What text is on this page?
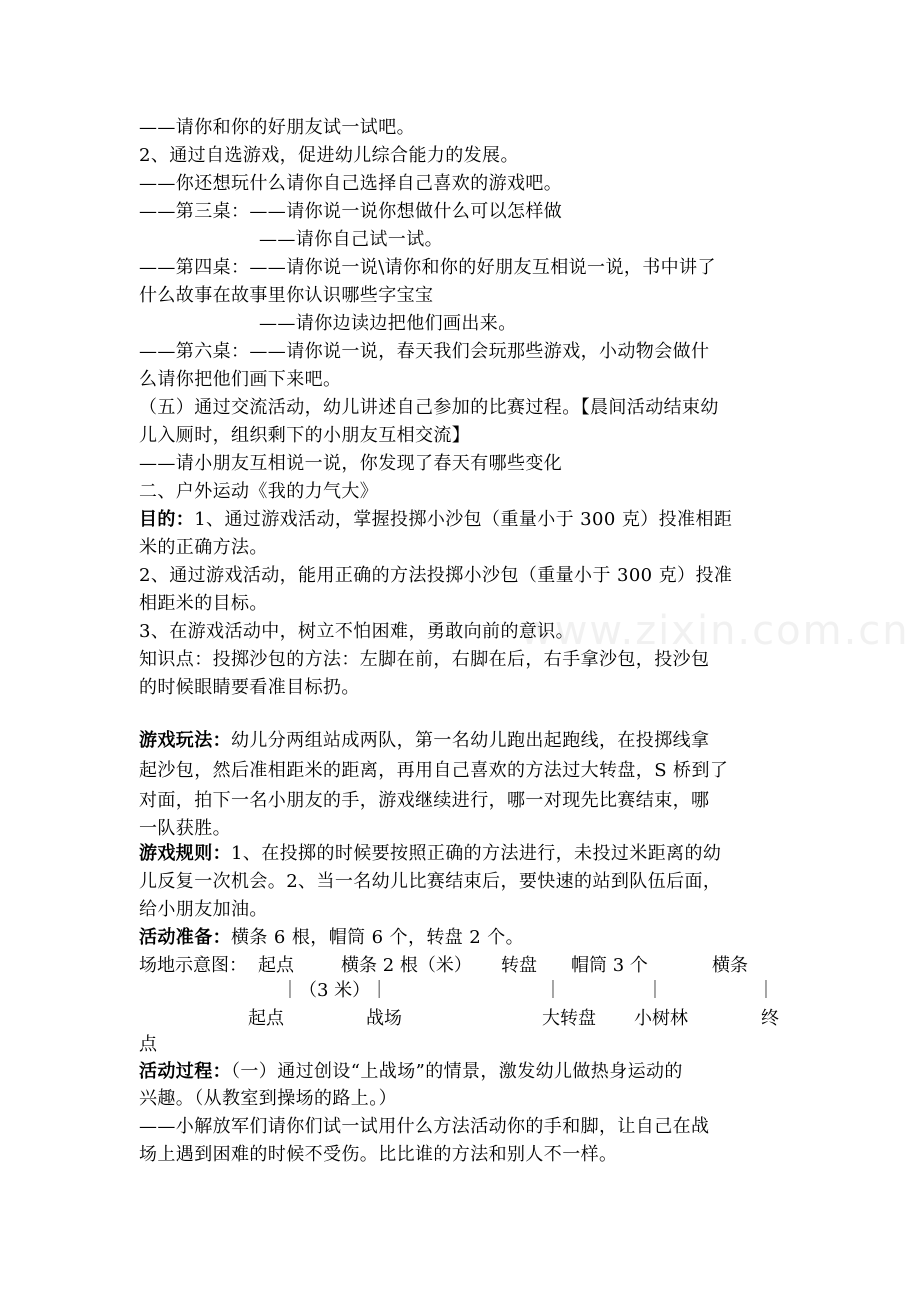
www.zixin.com.cn
——请你和你的好朋友试一试吧。
2、通过自选游戏，促进幼儿综合能力的发展。
——你还想玩什么请你自己选择自己喜欢的游戏吧。
——第三桌：——请你说一说你想做什么可以怎样做
——请你自己试一试。
——第四桌：——请你说一说\请你和你的好朋友互相说一说，书中讲了
什么故事在故事里你认识哪些字宝宝
——请你边读边把他们画出来。
——第六桌：——请你说一说，春天我们会玩那些游戏，小动物会做什
么请你把他们画下来吧。
（五）通过交流活动，幼儿讲述自己参加的比赛过程。【晨间活动结束幼
儿入厕时，组织剩下的小朋友互相交流】
——请小朋友互相说一说，你发现了春天有哪些变化
二、户外运动《我的力气大》
目的：1、通过游戏活动，掌握投掷小沙包（重量小于 300 克）投准相距
米的正确方法。
2、通过游戏活动，能用正确的方法投掷小沙包（重量小于 300 克）投准
相距米的目标。
3、在游戏活动中，树立不怕困难，勇敢向前的意识。
知识点：投掷沙包的方法：左脚在前，右脚在后，右手拿沙包，投沙包
的时候眼睛要看准目标扔。
游戏玩法：幼儿分两组站成两队，第一名幼儿跑出起跑线，在投掷线拿
起沙包，然后准相距米的距离，再用自己喜欢的方法过大转盘，S 桥到了
对面，拍下一名小朋友的手，游戏继续进行，哪一对现先比赛结束，哪
一队获胜。
游戏规则：1、在投掷的时候要按照正确的方法进行，未投过米距离的幼
儿反复一次机会。2、当一名幼儿比赛结束后，要快速的站到队伍后面，
给小朋友加油。
活动准备：横条 6 根，帽筒 6 个，转盘 2 个。
场地示意图： 起点	横条 2 根（米） 转盘 帽筒 3 个	横条
｜（3 米）｜	｜	｜	｜
起点	战场	大转盘 小树林	终
点
活动过程：（一）通过创设“上战场”的情景，激发幼儿做热身运动的
兴趣。（从教室到操场的路上。）
——小解放军们请你们试一试用什么方法活动你的手和脚，让自己在战
场上遇到困难的时候不受伤。比比谁的方法和别人不一样。
